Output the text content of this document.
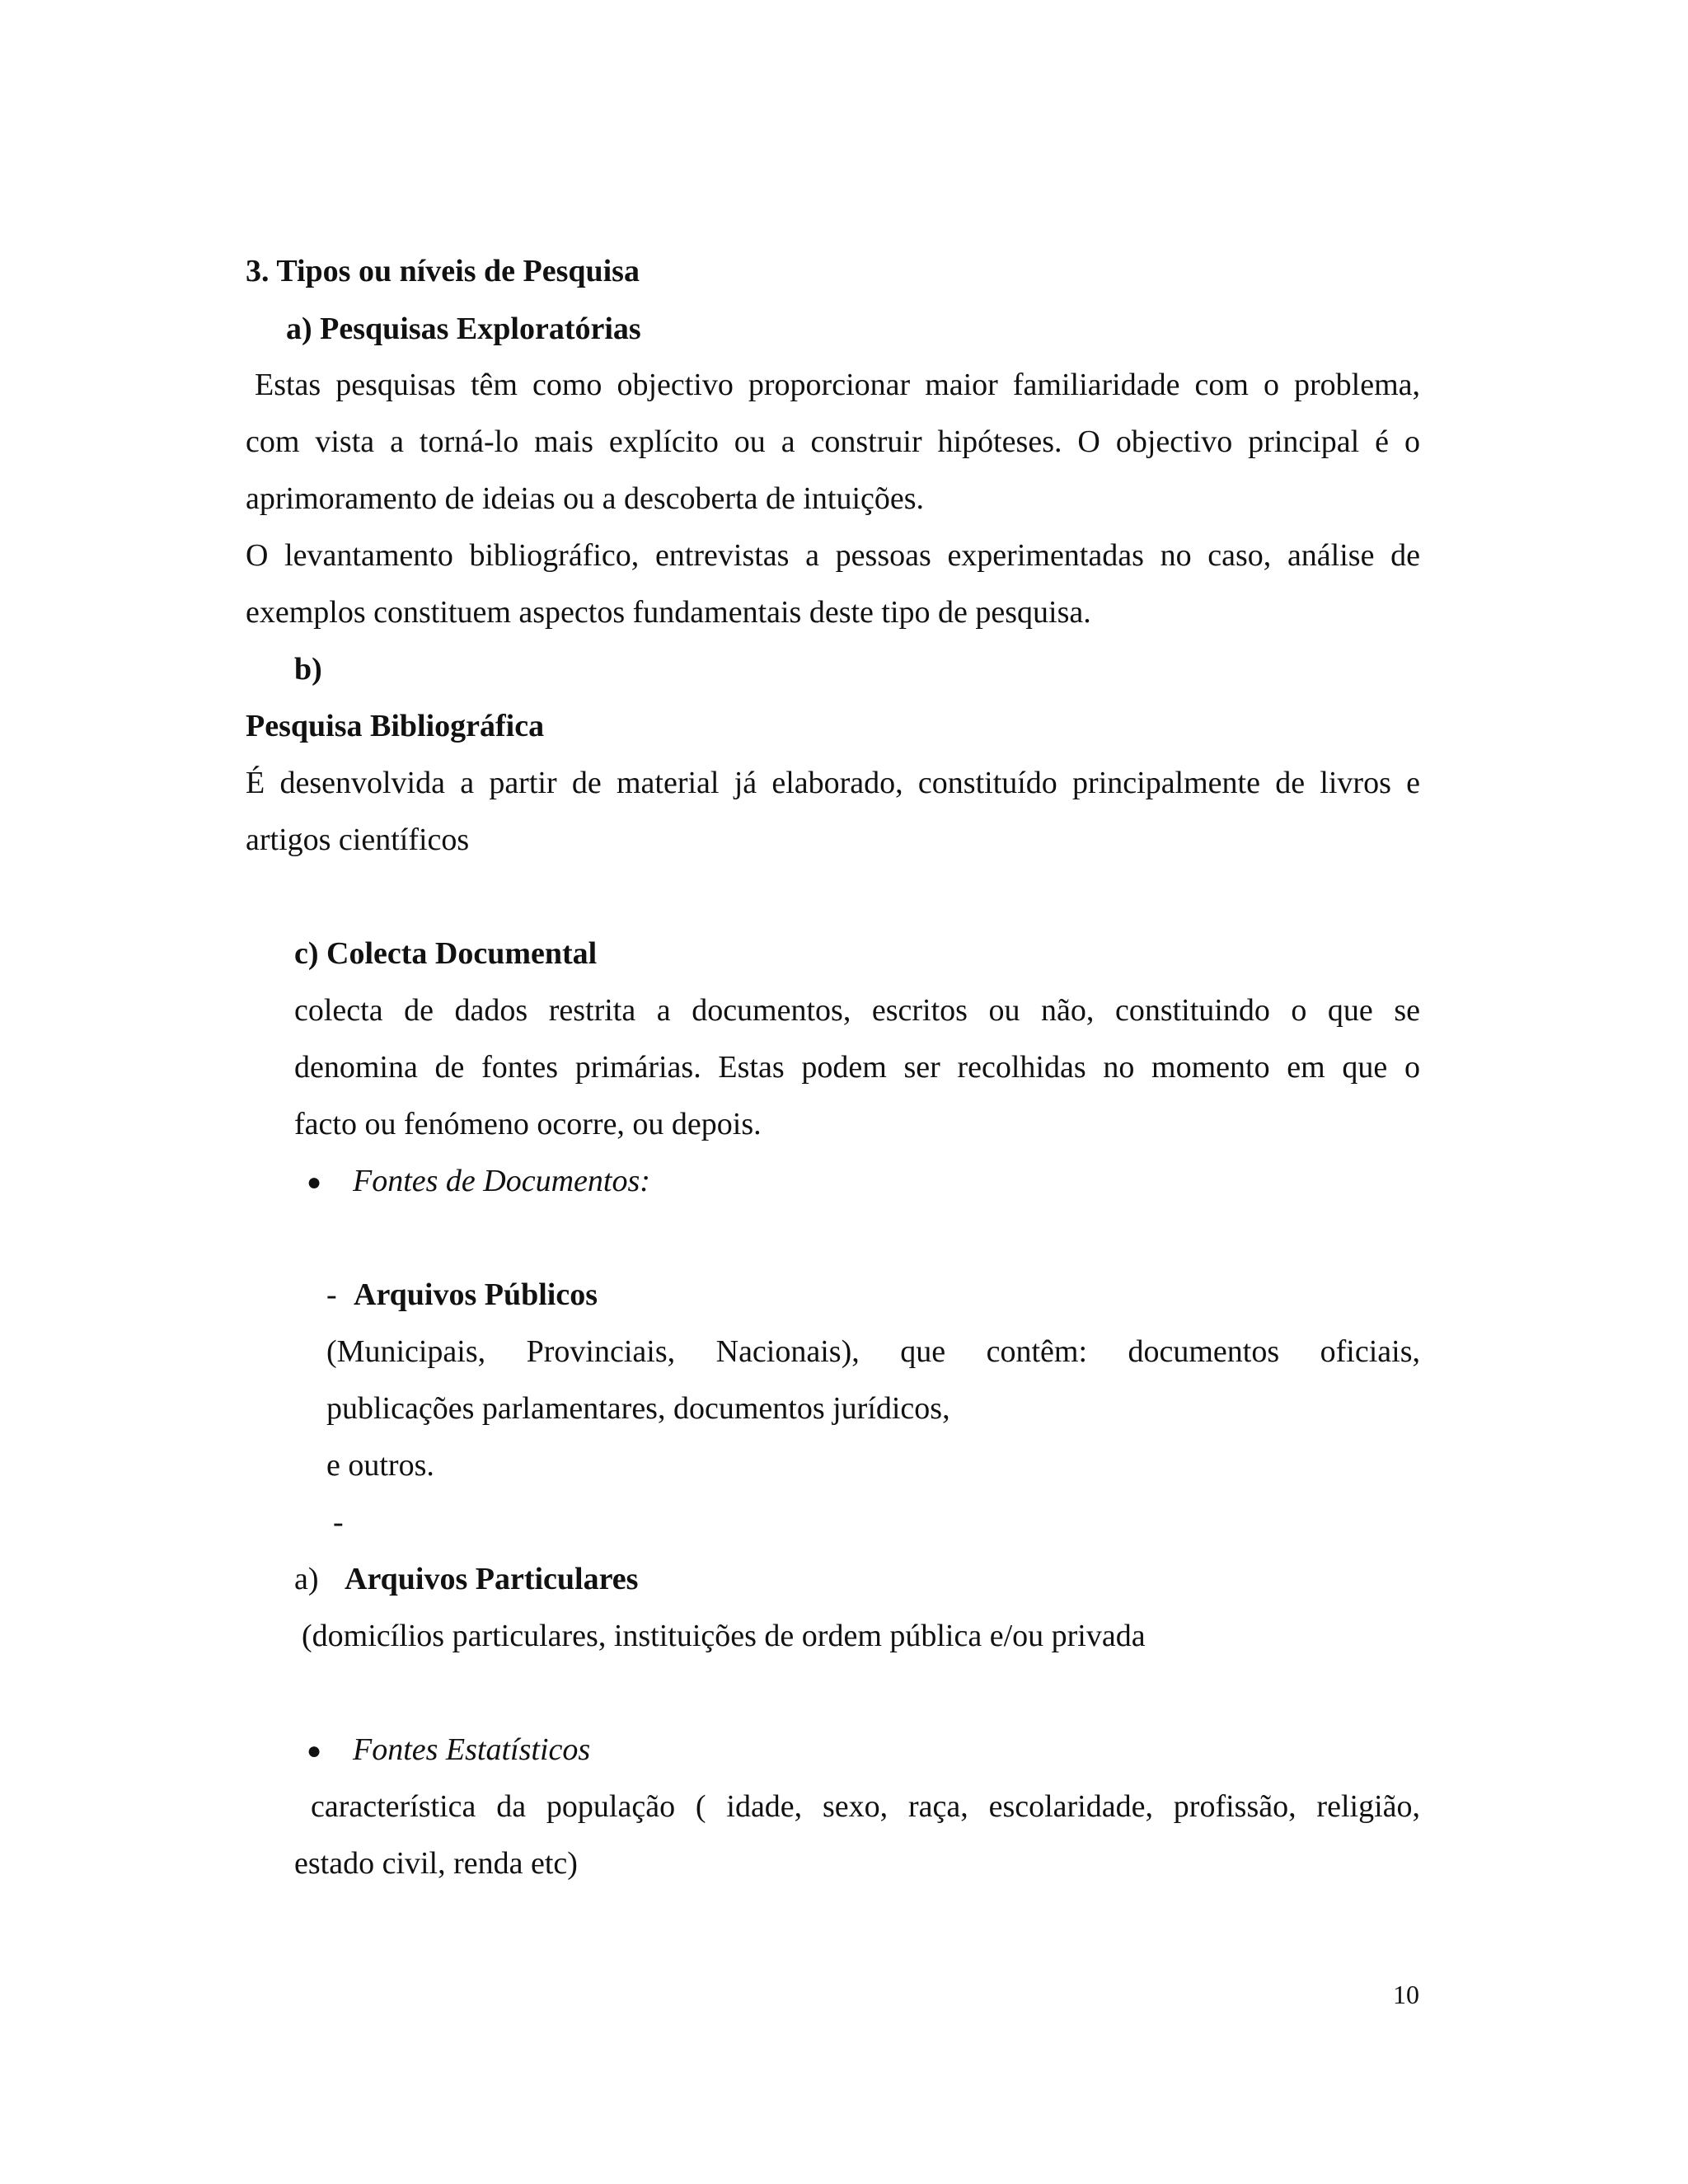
3. Tipos ou níveis de Pesquisa
a) Pesquisas Exploratórias
Estas pesquisas têm como objectivo proporcionar maior familiaridade com o problema,
com vista a torná-lo mais explícito ou a construir hipóteses. O objectivo principal é o
aprimoramento de ideias ou a descoberta de intuições.
O levantamento bibliográfico, entrevistas a pessoas experimentadas no caso, análise de
exemplos constituem aspectos fundamentais deste tipo de pesquisa.
b)
Pesquisa Bibliográfica
É desenvolvida a partir de material já elaborado, constituído principalmente de livros e
artigos científicos
c) Colecta Documental
colecta de dados restrita a documentos, escritos ou não, constituindo o que se
denomina de fontes primárias. Estas podem ser recolhidas no momento em que o
facto ou fenómeno ocorre, ou depois.
● Fontes de Documentos:
- Arquivos Públicos
(Municipais, Provinciais, Nacionais), que contêm: documentos oficiais,
publicações parlamentares, documentos jurídicos,
e outros.
-
a) Arquivos Particulares
(domicílios particulares, instituições de ordem pública e/ou privada
● Fontes Estatísticos
característica da população ( idade, sexo, raça, escolaridade, profissão, religião,
estado civil, renda etc)
10
